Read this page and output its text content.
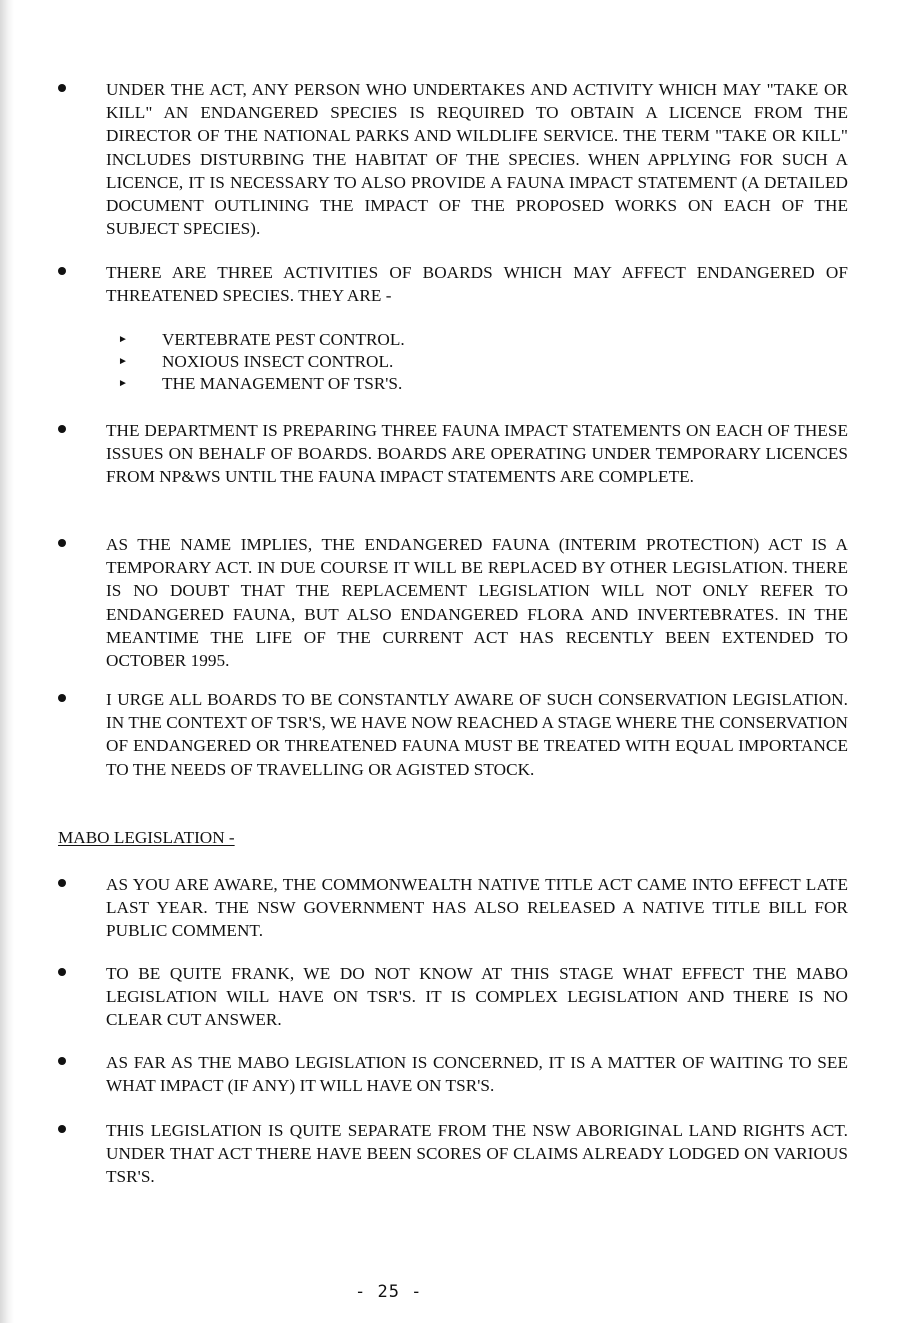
UNDER THE ACT, ANY PERSON WHO UNDERTAKES AND ACTIVITY WHICH MAY "TAKE OR KILL" AN ENDANGERED SPECIES IS REQUIRED TO OBTAIN A LICENCE FROM THE DIRECTOR OF THE NATIONAL PARKS AND WILDLIFE SERVICE. THE TERM "TAKE OR KILL" INCLUDES DISTURBING THE HABITAT OF THE SPECIES. WHEN APPLYING FOR SUCH A LICENCE, IT IS NECESSARY TO ALSO PROVIDE A FAUNA IMPACT STATEMENT (A DETAILED DOCUMENT OUTLINING THE IMPACT OF THE PROPOSED WORKS ON EACH OF THE SUBJECT SPECIES).
THERE ARE THREE ACTIVITIES OF BOARDS WHICH MAY AFFECT ENDANGERED OF THREATENED SPECIES. THEY ARE -
► VERTEBRATE PEST CONTROL.
► NOXIOUS INSECT CONTROL.
► THE MANAGEMENT OF TSR'S.
THE DEPARTMENT IS PREPARING THREE FAUNA IMPACT STATEMENTS ON EACH OF THESE ISSUES ON BEHALF OF BOARDS. BOARDS ARE OPERATING UNDER TEMPORARY LICENCES FROM NP&WS UNTIL THE FAUNA IMPACT STATEMENTS ARE COMPLETE.
AS THE NAME IMPLIES, THE ENDANGERED FAUNA (INTERIM PROTECTION) ACT IS A TEMPORARY ACT. IN DUE COURSE IT WILL BE REPLACED BY OTHER LEGISLATION. THERE IS NO DOUBT THAT THE REPLACEMENT LEGISLATION WILL NOT ONLY REFER TO ENDANGERED FAUNA, BUT ALSO ENDANGERED FLORA AND INVERTEBRATES. IN THE MEANTIME THE LIFE OF THE CURRENT ACT HAS RECENTLY BEEN EXTENDED TO OCTOBER 1995.
I URGE ALL BOARDS TO BE CONSTANTLY AWARE OF SUCH CONSERVATION LEGISLATION. IN THE CONTEXT OF TSR'S, WE HAVE NOW REACHED A STAGE WHERE THE CONSERVATION OF ENDANGERED OR THREATENED FAUNA MUST BE TREATED WITH EQUAL IMPORTANCE TO THE NEEDS OF TRAVELLING OR AGISTED STOCK.
MABO LEGISLATION -
AS YOU ARE AWARE, THE COMMONWEALTH NATIVE TITLE ACT CAME INTO EFFECT LATE LAST YEAR. THE NSW GOVERNMENT HAS ALSO RELEASED A NATIVE TITLE BILL FOR PUBLIC COMMENT.
TO BE QUITE FRANK, WE DO NOT KNOW AT THIS STAGE WHAT EFFECT THE MABO LEGISLATION WILL HAVE ON TSR'S. IT IS COMPLEX LEGISLATION AND THERE IS NO CLEAR CUT ANSWER.
AS FAR AS THE MABO LEGISLATION IS CONCERNED, IT IS A MATTER OF WAITING TO SEE WHAT IMPACT (IF ANY) IT WILL HAVE ON TSR'S.
THIS LEGISLATION IS QUITE SEPARATE FROM THE NSW ABORIGINAL LAND RIGHTS ACT. UNDER THAT ACT THERE HAVE BEEN SCORES OF CLAIMS ALREADY LODGED ON VARIOUS TSR'S.
- 25 -
